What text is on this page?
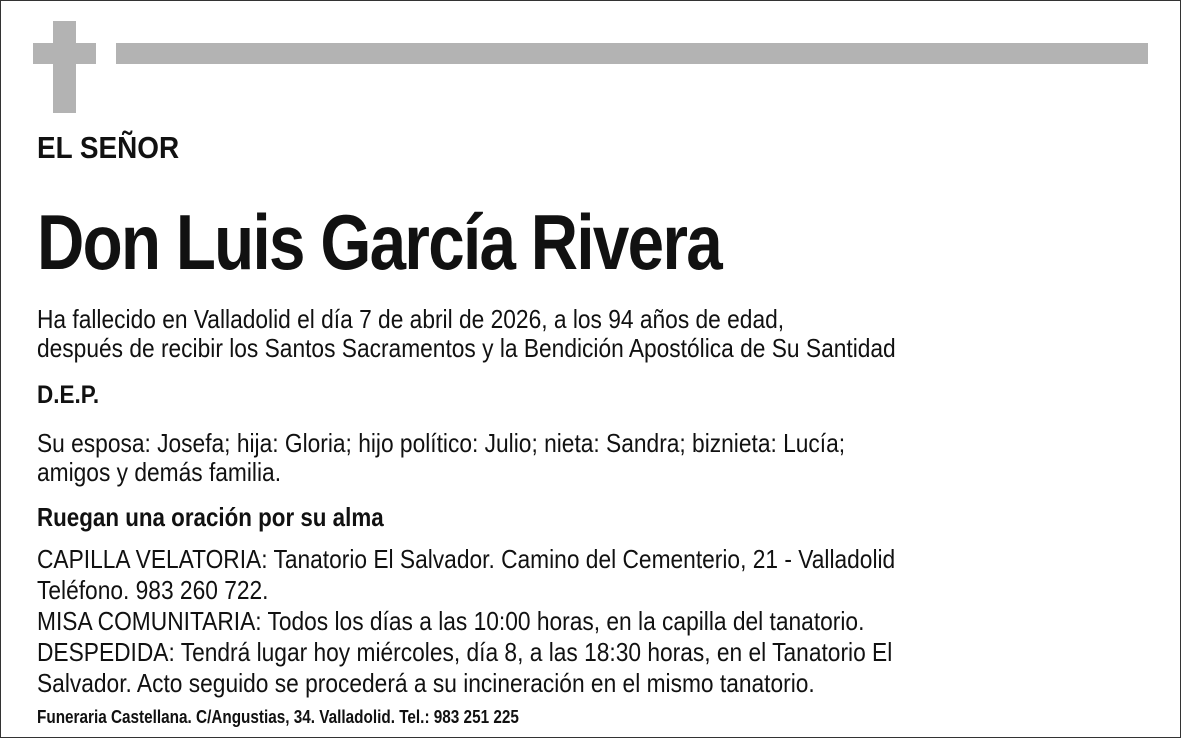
EL SEÑOR
Don Luis García Rivera
Ha fallecido en Valladolid el día 7 de abril de 2026, a los 94 años de edad,
después de recibir los Santos Sacramentos y la Bendición Apostólica de Su Santidad
D.E.P.
Su esposa: Josefa; hija: Gloria; hijo político: Julio; nieta: Sandra; biznieta: Lucía;
amigos y demás familia.
Ruegan una oración por su alma
CAPILLA VELATORIA: Tanatorio El Salvador. Camino del Cementerio, 21 - Valladolid
Teléfono. 983 260 722.
MISA COMUNITARIA: Todos los días a las 10:00 horas, en la capilla del tanatorio.
DESPEDIDA: Tendrá lugar hoy miércoles, día 8, a las 18:30 horas, en el Tanatorio El
Salvador. Acto seguido se procederá a su incineración en el mismo tanatorio.
Funeraria Castellana. C/Angustias, 34. Valladolid. Tel.: 983 251 225
